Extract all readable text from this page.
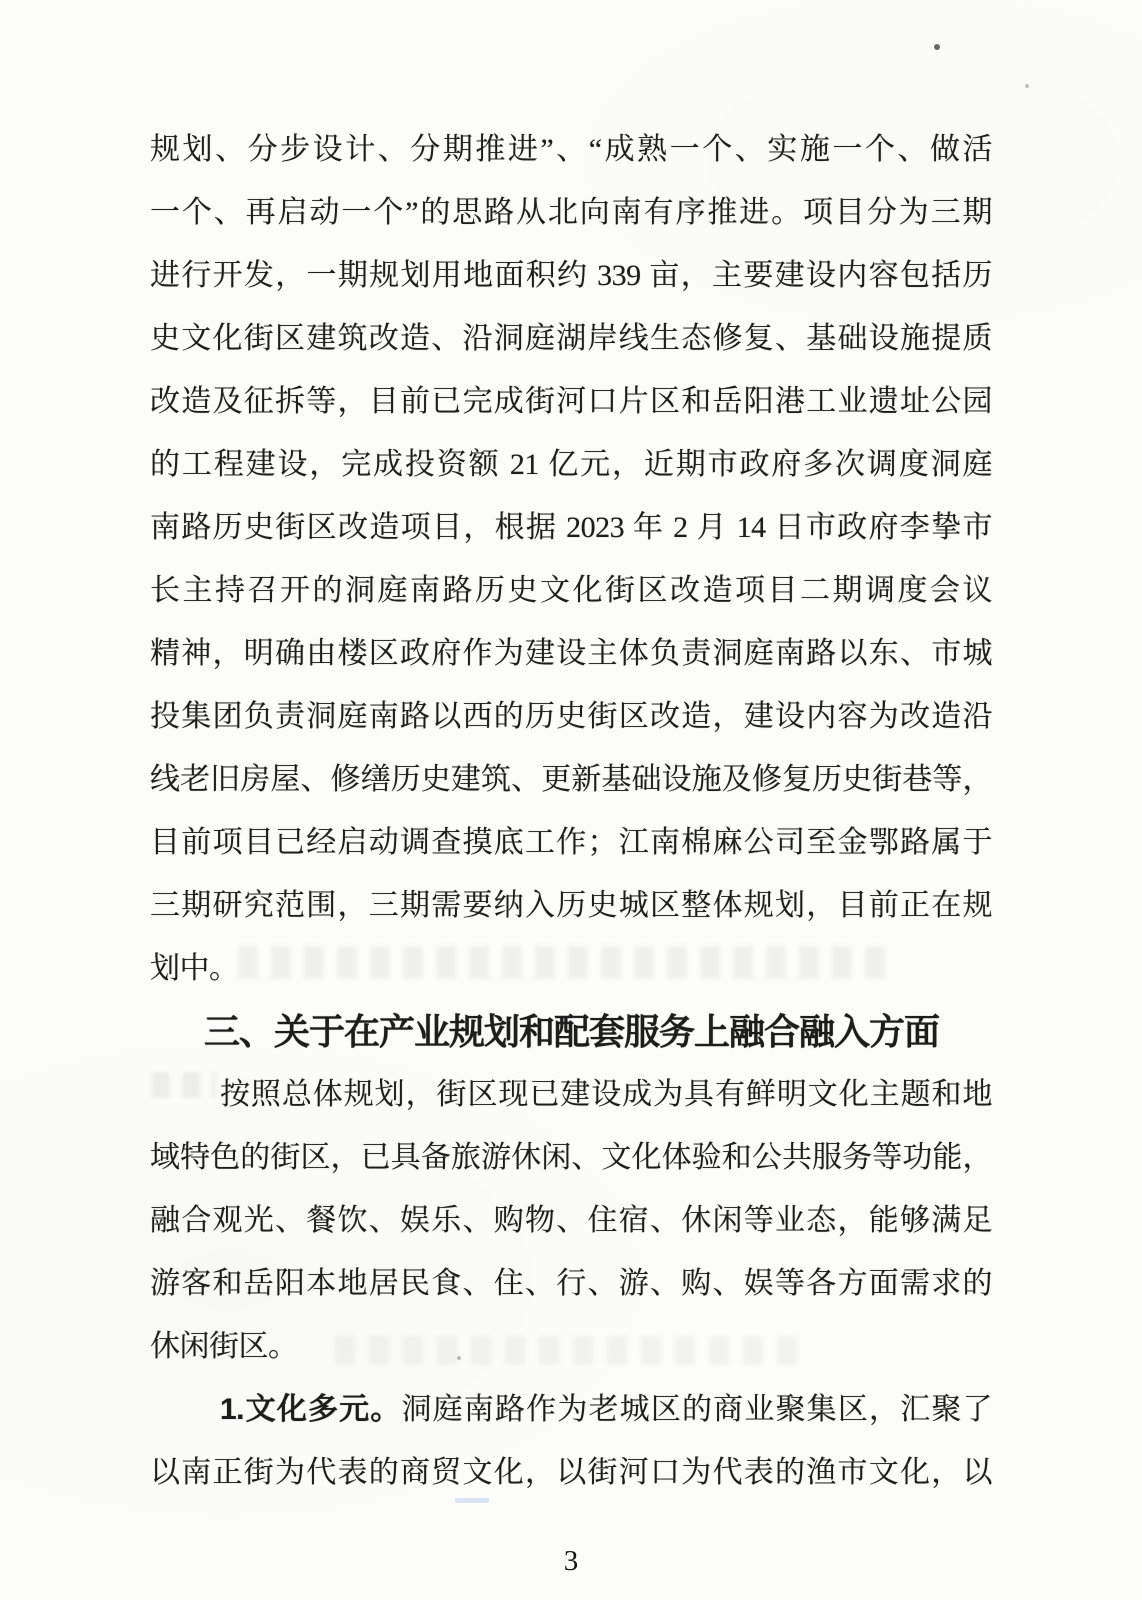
规划、分步设计、分期推进”、“成熟一个、实施一个、做活
一个、再启动一个”的思路从北向南有序推进。项目分为三期
进行开发，一期规划用地面积约 339 亩，主要建设内容包括历
史文化街区建筑改造、沿洞庭湖岸线生态修复、基础设施提质
改造及征拆等，目前已完成街河口片区和岳阳港工业遗址公园
的工程建设，完成投资额 21 亿元，近期市政府多次调度洞庭
南路历史街区改造项目，根据 2023 年 2 月 14 日市政府李挚市
长主持召开的洞庭南路历史文化街区改造项目二期调度会议
精神，明确由楼区政府作为建设主体负责洞庭南路以东、市城
投集团负责洞庭南路以西的历史街区改造，建设内容为改造沿
线老旧房屋、修缮历史建筑、更新基础设施及修复历史街巷等，
目前项目已经启动调查摸底工作；江南棉麻公司至金鄂路属于
三期研究范围，三期需要纳入历史城区整体规划，目前正在规
划中。
三、关于在产业规划和配套服务上融合融入方面
按照总体规划，街区现已建设成为具有鲜明文化主题和地
域特色的街区，已具备旅游休闲、文化体验和公共服务等功能，
融合观光、餐饮、娱乐、购物、住宿、休闲等业态，能够满足
游客和岳阳本地居民食、住、行、游、购、娱等各方面需求的
休闲街区。
1.文化多元。洞庭南路作为老城区的商业聚集区，汇聚了
以南正街为代表的商贸文化，以街河口为代表的渔市文化，以
3
